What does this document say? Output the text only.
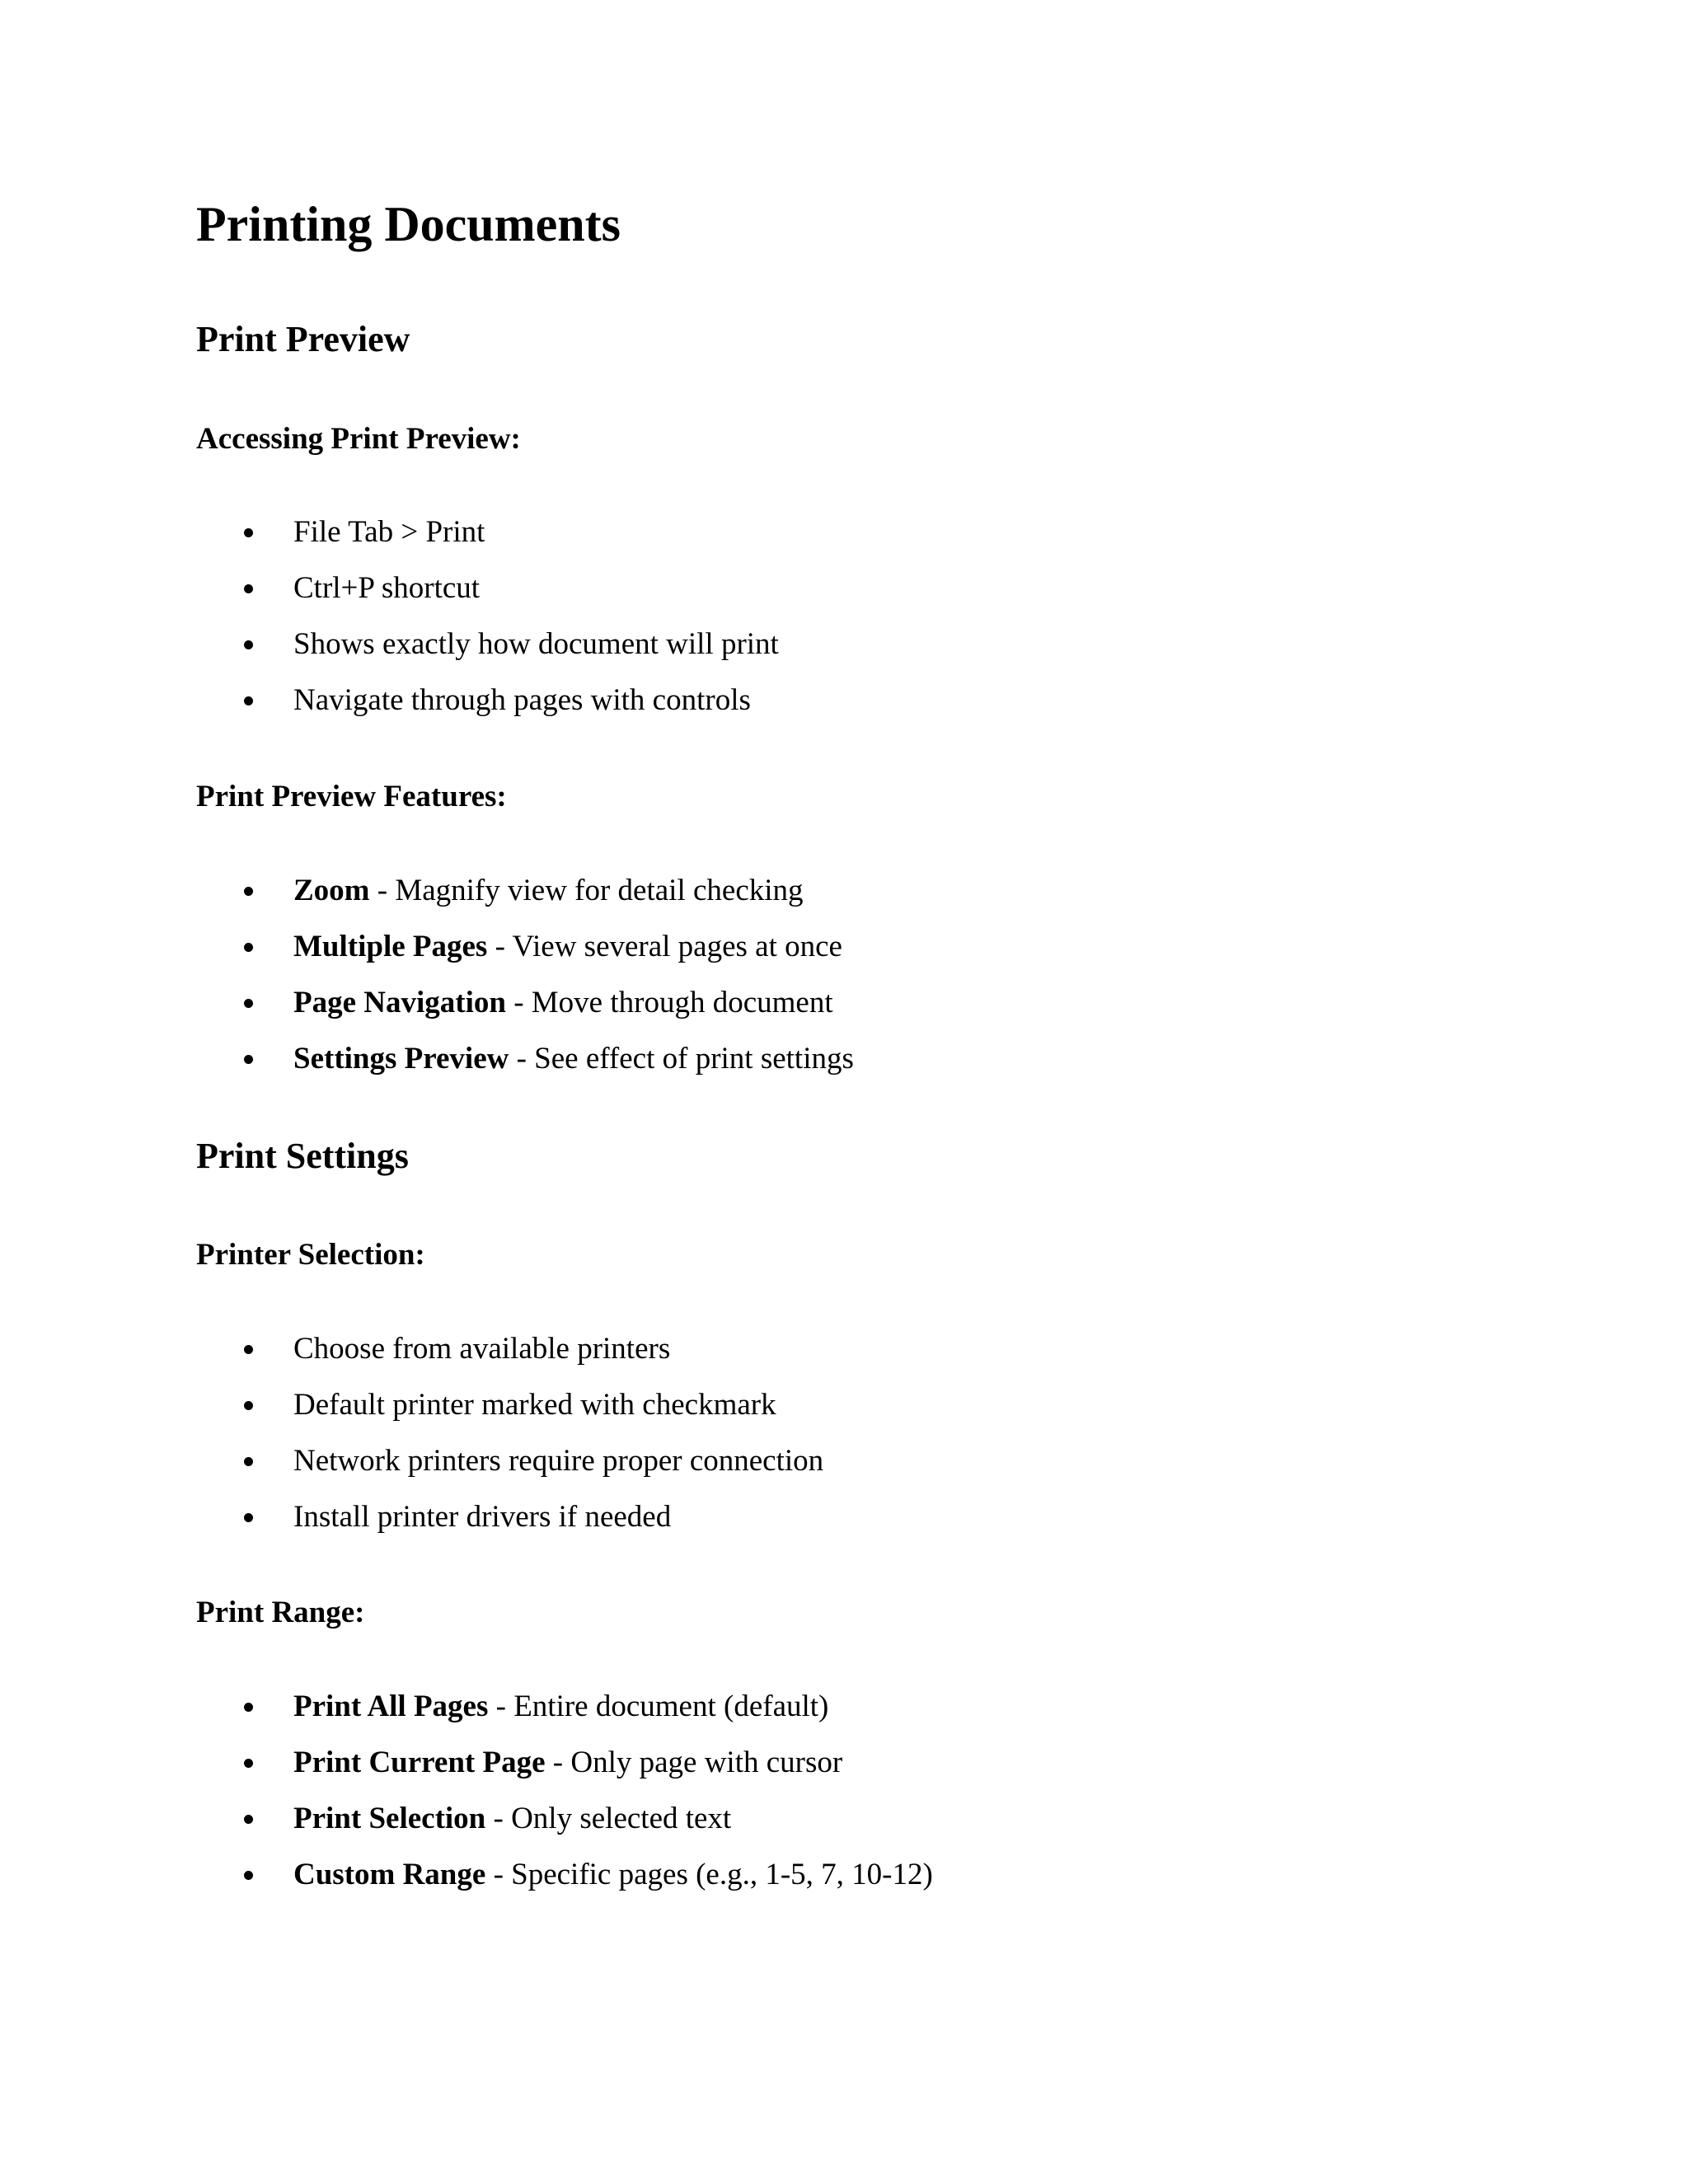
Printing Documents
Print Preview
Accessing Print Preview:
File Tab > Print
Ctrl+P shortcut
Shows exactly how document will print
Navigate through pages with controls
Print Preview Features:
Zoom - Magnify view for detail checking
Multiple Pages - View several pages at once
Page Navigation - Move through document
Settings Preview - See effect of print settings
Print Settings
Printer Selection:
Choose from available printers
Default printer marked with checkmark
Network printers require proper connection
Install printer drivers if needed
Print Range:
Print All Pages - Entire document (default)
Print Current Page - Only page with cursor
Print Selection - Only selected text
Custom Range - Specific pages (e.g., 1-5, 7, 10-12)
